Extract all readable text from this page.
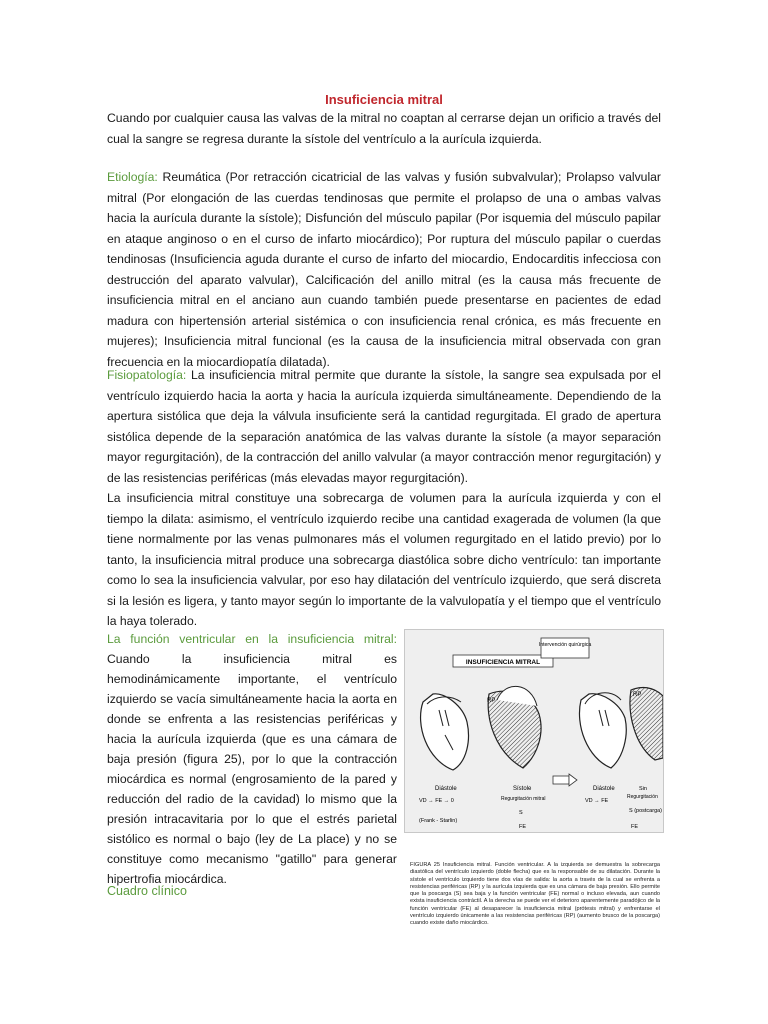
Insuficiencia mitral

Cuando por cualquier causa las valvas de la mitral no coaptan al cerrarse dejan un orificio a través del cual la sangre se regresa durante la sístole del ventrículo a la aurícula izquierda.

Etiología: Reumática (Por retracción cicatricial de las valvas y fusión subvalvular); Prolapso valvular mitral (Por elongación de las cuerdas tendinosas que permite el prolapso de una o ambas valvas hacia la aurícula durante la sístole); Disfunción del músculo papilar (Por isquemia del músculo papilar en ataque anginoso o en el curso de infarto miocárdico); Por ruptura del músculo papilar o cuerdas tendinosas (Insuficiencia aguda durante el curso de infarto del miocardio, Endocarditis infecciosa con destrucción del aparato valvular), Calcificación del anillo mitral (es la causa más frecuente de insuficiencia mitral en el anciano aun cuando también puede presentarse en pacientes de edad madura con hipertensión arterial sistémica o con insuficiencia renal crónica, es más frecuente en mujeres); Insuficiencia mitral funcional (es la causa de la insuficiencia mitral observada con gran frecuencia en la miocardiopatía dilatada).

Fisiopatología: La insuficiencia mitral permite que durante la sístole, la sangre sea expulsada por el ventrículo izquierdo hacia la aorta y hacia la aurícula izquierda simultáneamente. Dependiendo de la apertura sistólica que deja la válvula insuficiente será la cantidad regurgitada. El grado de apertura sistólica depende de la separación anatómica de las valvas durante la sístole (a mayor separación mayor regurgitación), de la contracción del anillo valvular (a mayor contracción menor regurgitación) y de las resistencias periféricas (más elevadas mayor regurgitación).

La insuficiencia mitral constituye una sobrecarga de volumen para la aurícula izquierda y con el tiempo la dilata: asimismo, el ventrículo izquierdo recibe una cantidad exagerada de volumen (la que tiene normalmente por las venas pulmonares más el volumen regurgitado en el latido previo) por lo tanto, la insuficiencia mitral produce una sobrecarga diastólica sobre dicho ventrículo: tan importante como lo sea la insuficiencia valvular, por eso hay dilatación del ventrículo izquierdo, que será discreta si la lesión es ligera, y tanto mayor según lo importante de la valvulopatía y el tiempo que el ventrículo la haya tolerado.

La función ventricular en la insuficiencia mitral: Cuando la insuficiencia mitral es hemodinámicamente importante, el ventrículo izquierdo se vacía simultáneamente hacia la aorta en donde se enfrenta a las resistencias periféricas y hacia la aurícula izquierda (que es una cámara de baja presión (figura 25), por lo que la contracción miocárdica es normal (engrosamiento de la pared y reducción del radio de la cavidad) lo mismo que la presión intracavitaria por lo que el estrés parietal sistólico es normal o bajo (ley de La place) y no se constituye como mecanismo "gatillo" para generar hipertrofia miocárdica.

Cuadro clínico
INSUFICIENCIA MITRAL
Intervención quirúrgica
RP
RP
Diástole
VD → FE → 0
(Frank - Starlin)
Sístole
Regurgitación mitral
S
FE
Diástole
VD → FE
Sin
Regurgitación
S (postcarga)
FE

FIGURA 25 Insuficiencia mitral. Función ventricular. A la izquierda se demuestra la sobrecarga diastólica del ventrículo izquierdo (doble flecha) que es la responsable de su dilatación. Durante la sístole el ventrículo izquierdo tiene dos vías de salida: la aorta a través de la cual se enfrenta a resistencias periféricas (RP) y la aurícula izquierda que es una cámara de baja presión. Ello permite que la poscarga (S) sea baja y la función ventricular (FE) normal o incluso elevada, aun cuando exista insuficiencia contráctil. A la derecha se puede ver el deterioro aparentemente paradójico de la función ventricular (FE) al desaparecer la insuficiencia mitral (prótesis mitral) y enfrentarse el ventrículo izquierdo únicamente a las resistencias periféricas (RP) (aumento brusco de la poscarga) cuando existe daño miocárdico.
